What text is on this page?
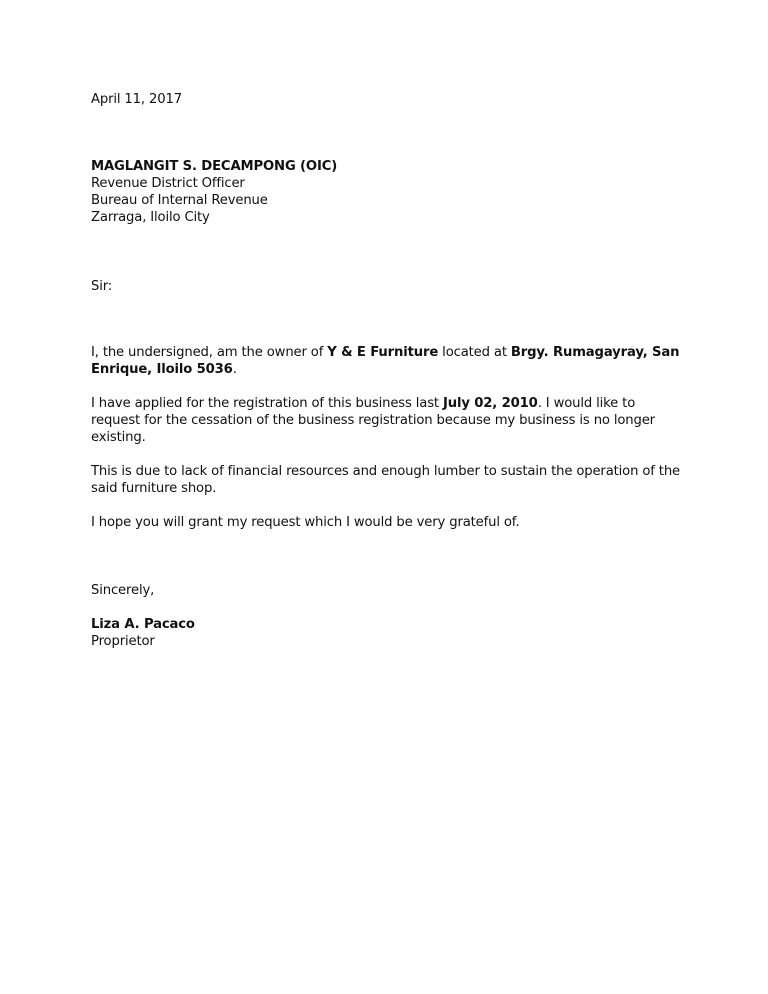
April 11, 2017
MAGLANGIT S. DECAMPONG (OIC)
Revenue District Officer
Bureau of Internal Revenue
Zarraga, Iloilo City
Sir:

I, the undersigned, am the owner of Y & E Furniture located at Brgy. Rumagayray, San Enrique, Iloilo 5036.

I have applied for the registration of this business last July 02, 2010. I would like to request for the cessation of the business registration because my business is no longer existing.

This is due to lack of financial resources and enough lumber to sustain the operation of the said furniture shop.

I hope you will grant my request which I would be very grateful of.

Sincerely,
Liza A. Pacaco
Proprietor
